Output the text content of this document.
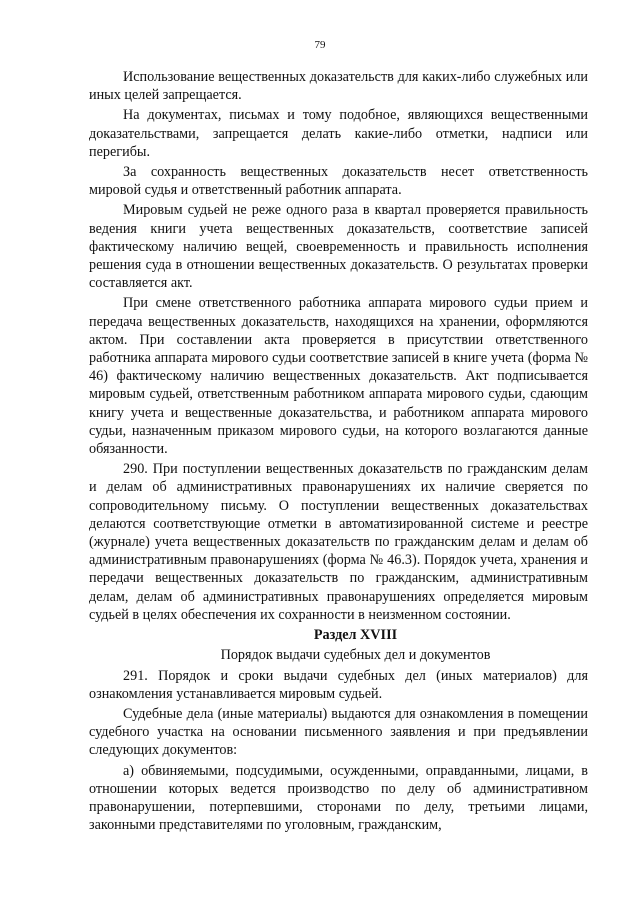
79

Использование вещественных доказательств для каких-либо служебных или иных целей запрещается.

На документах, письмах и тому подобное, являющихся вещественными доказательствами, запрещается делать какие-либо отметки, надписи или перегибы.

За сохранность вещественных доказательств несет ответственность мировой судья и ответственный работник аппарата.

Мировым судьей не реже одного раза в квартал проверяется правильность ведения книги учета вещественных доказательств, соответствие записей фактическому наличию вещей, своевременность и правильность исполнения решения суда в отношении вещественных доказательств. О результатах проверки составляется акт.

При смене ответственного работника аппарата мирового судьи прием и передача вещественных доказательств, находящихся на хранении, оформляются актом. При составлении акта проверяется в присутствии ответственного работника аппарата мирового судьи соответствие записей в книге учета (форма № 46) фактическому наличию вещественных доказательств. Акт подписывается мировым судьей, ответственным работником аппарата мирового судьи, сдающим книгу учета и вещественные доказательства, и работником аппарата мирового судьи, назначенным приказом мирового судьи, на которого возлагаются данные обязанности.

290. При поступлении вещественных доказательств по гражданским делам и делам об административных правонарушениях их наличие сверяется по сопроводительному письму. О поступлении вещественных доказательствах делаются соответствующие отметки в автоматизированной системе и реестре (журнале) учета вещественных доказательств по гражданским делам и делам об административным правонарушениях (форма № 46.3). Порядок учета, хранения и передачи вещественных доказательств по гражданским, административным делам, делам об административных правонарушениях определяется мировым судьей в целях обеспечения их сохранности в неизменном состоянии.

Раздел XVIII

Порядок выдачи судебных дел и документов

291. Порядок и сроки выдачи судебных дел (иных материалов) для ознакомления устанавливается мировым судьей.

Судебные дела (иные материалы) выдаются для ознакомления в помещении судебного участка на основании письменного заявления и при предъявлении следующих документов:

а) обвиняемыми, подсудимыми, осужденными, оправданными, лицами, в отношении которых ведется производство по делу об административном правонарушении, потерпевшими, сторонами по делу, третьими лицами, законными представителями по уголовным, гражданским,
